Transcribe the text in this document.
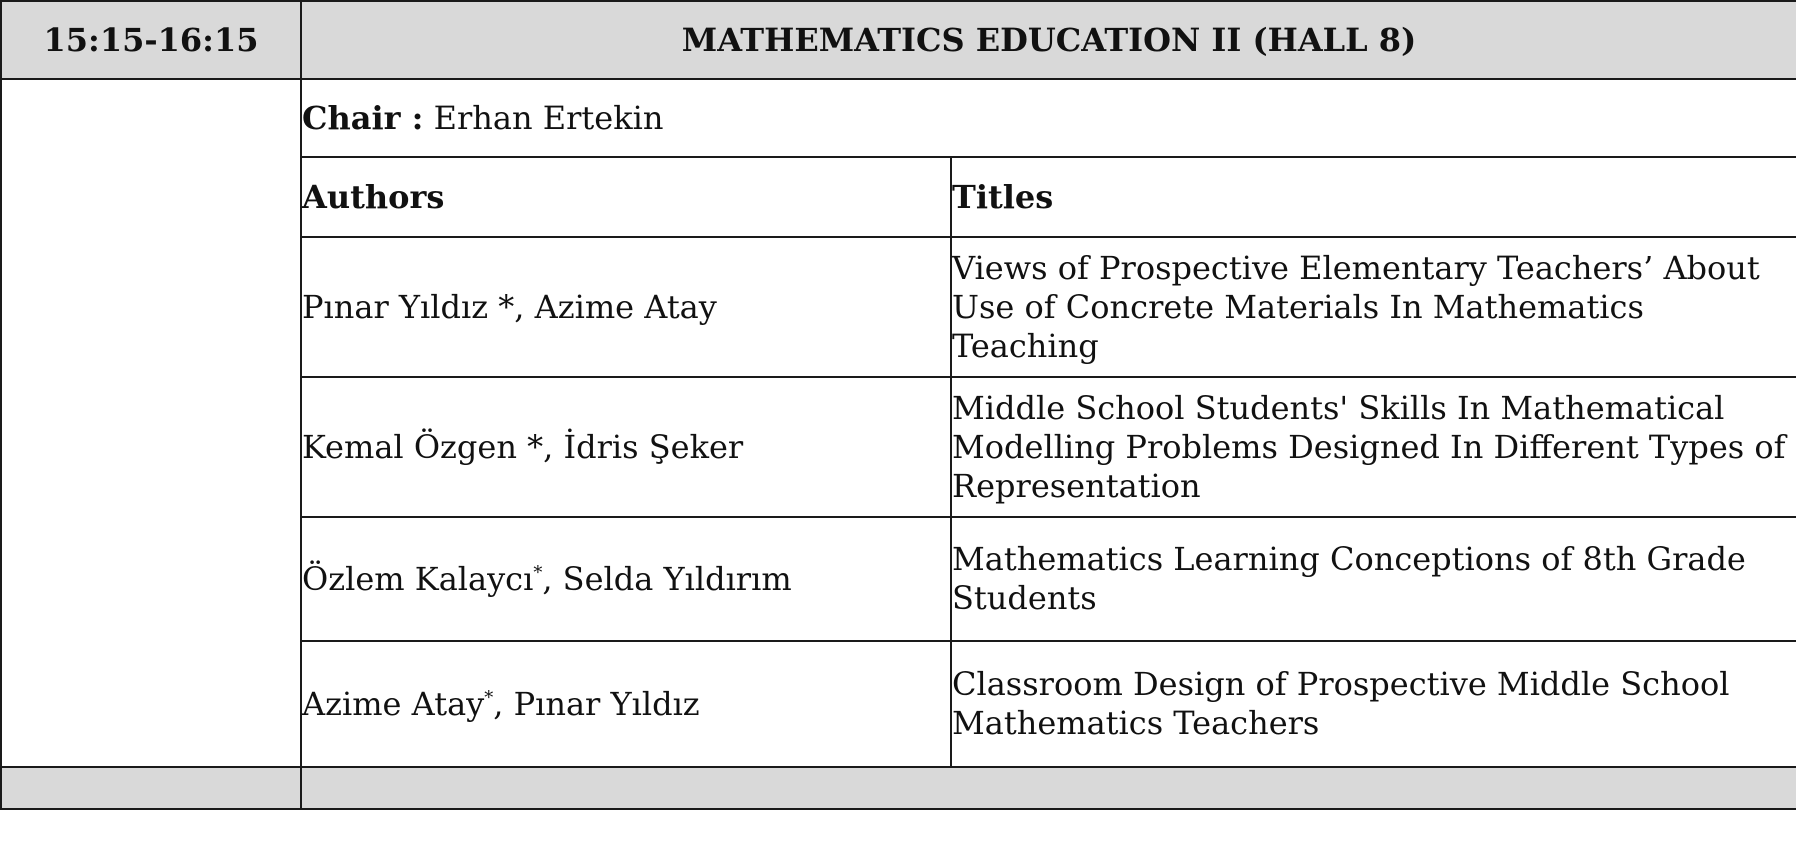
15:15-16:15	MATHEMATICS EDUCATION II (HALL 8)	
	Chair : Erhan Ertekin	
	Authors	Titles
	Pınar Yıldız *, Azime Atay	Views of Prospective Elementary Teachers’ About Use of Concrete Materials In Mathematics Teaching
	Kemal Özgen *, İdris Şeker	Middle School Students' Skills In Mathematical Modelling Problems Designed In Different Types of Representation
	Özlem Kalaycı*, Selda Yıldırım	Mathematics Learning Conceptions of 8th Grade Students
	Azime Atay*, Pınar Yıldız	Classroom Design of Prospective Middle School Mathematics Teachers
